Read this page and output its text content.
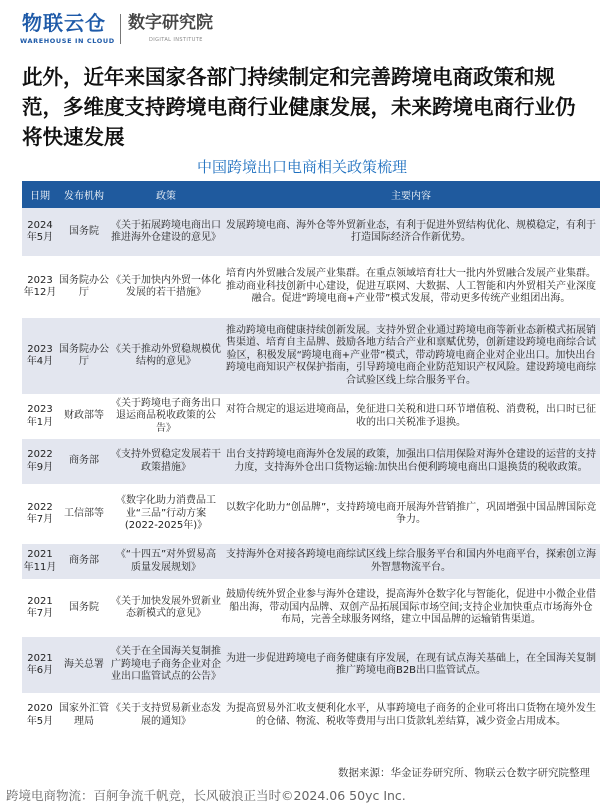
物联云仓
WAREHOUSE IN CLOUD
数字研究院
DIGITAL INSTITUTE
此外，近年来国家各部门持续制定和完善跨境电商政策和规范，多维度支持跨境电商行业健康发展，未来跨境电商行业仍将快速发展
中国跨境出口电商相关政策梳理
日期	发布机构	政策	主要内容
2024年5月	国务院	《关于拓展跨境电商出口推进海外仓建设的意见》	发展跨境电商、海外仓等外贸新业态，有利于促进外贸结构优化、规模稳定，有利于打造国际经济合作新优势。
2023年12月	国务院办公厅	《关于加快内外贸一体化发展的若干措施》	培育内外贸融合发展产业集群。在重点领域培育壮大一批内外贸融合发展产业集群。推动商业科技创新中心建设，促进互联网、大数据、人工智能和内外贸相关产业深度融合。促进“跨境电商+产业带”模式发展，带动更多传统产业组团出海。
2023年4月	国务院办公厅	《关于推动外贸稳规模优结构的意见》	推动跨境电商健康持续创新发展。支持外贸企业通过跨境电商等新业态新模式拓展销售渠道、培育自主品牌、鼓励各地方结合产业和禀赋优势，创新建设跨境电商综合试验区，积极发展“跨境电商+产业带”模式，带动跨境电商企业对企业出口。加快出台跨境电商知识产权保护指南，引导跨境电商企业防范知识产权风险。建设跨境电商综合试验区线上综合服务平台。
2023年1月	财政部等	《关于跨境电子商务出口退运商品税收政策的公告》	对符合规定的退运进境商品，免征进口关税和进口环节增值税、消费税，出口时已征收的出口关税准予退换。
2022年9月	商务部	《支持外贸稳定发展若干政策措施》	出台支持跨境电商海外仓发展的政策，加强出口信用保险对海外仓建设的运营的支持力度，支持海外仓出口货物运输:加快出台便利跨境电商出口退换货的税收政策。
2022年7月	工信部等	《数字化助力消费品工业“三品”行动方案(2022-2025年)》	以数字化助力“创品牌”，支持跨境电商开展海外营销推广，巩固增强中国品牌国际竞争力。
2021年11月	商务部	《“十四五”对外贸易高质量发展规划》	支持海外仓对接各跨境电商综试区线上综合服务平台和国内外电商平台，探索创立海外智慧物流平台。
2021年7月	国务院	《关于加快发展外贸新业态新模式的意见》	鼓励传统外贸企业参与海外仓建设，提高海外仓数字化与智能化，促进中小微企业借船出海，带动国内品牌、双创产品拓展国际市场空间;支持企业加快重点市场海外仓布局，完善全球服务网络，建立中国品牌的运输销售渠道。
2021年6月	海关总署	《关于在全国海关复制推广跨境电子商务企业对企业出口监管试点的公告》	为进一步促进跨境电子商务健康有序发展，在现有试点海关基础上，在全国海关复制推广跨境电商B2B出口监管试点。
2020年5月	国家外汇管理局	《关于支持贸易新业态发展的通知》	为提高贸易外汇收支便利化水平，从事跨境电子商务的企业可将出口货物在境外发生的仓储、物流、税收等费用与出口货款轧差结算，减少资金占用成本。
数据来源：华金证券研究所、物联云仓数字研究院整理
跨境电商物流：百舸争流千帆竞，长风破浪正当时©2024.06 50yc Inc.
